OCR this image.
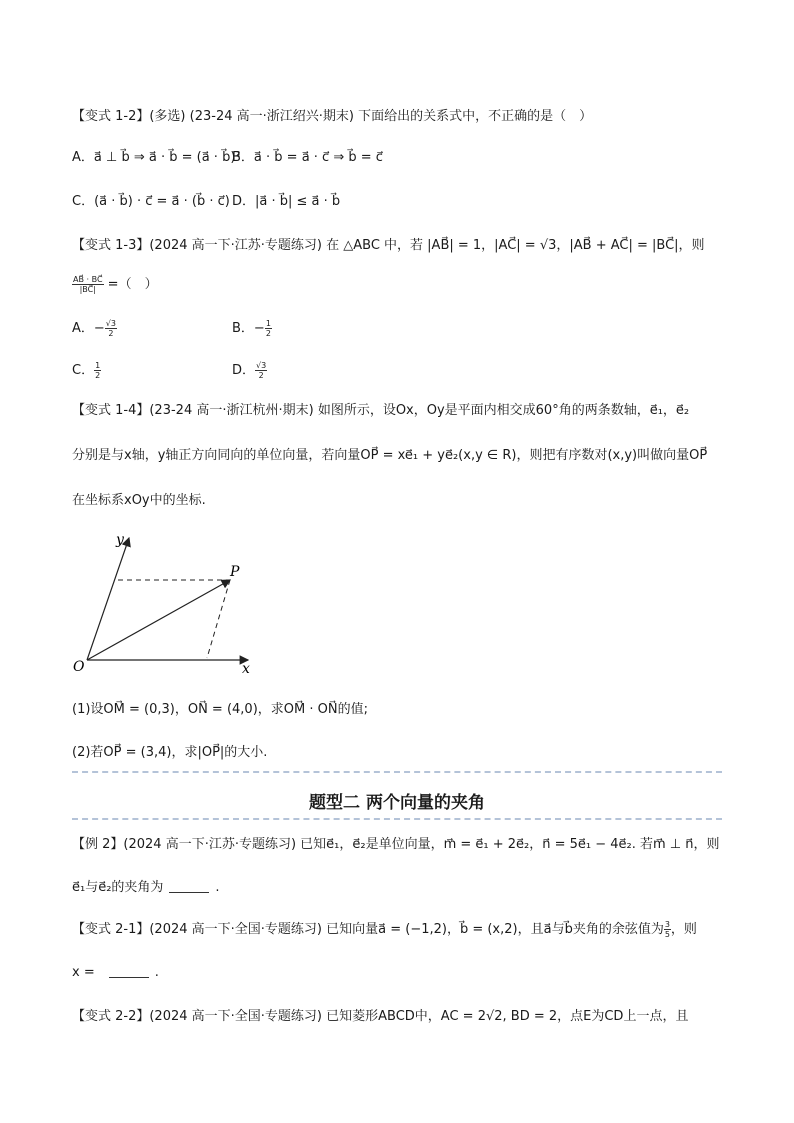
【变式 1-2】(多选) (23-24 高一·浙江绍兴·期末) 下面给出的关系式中，不正确的是（　）
A．a⃗ ⊥ b⃗ ⇒ a⃗ · b⃗ = (a⃗ · b⃗)²
B．a⃗ · b⃗ = a⃗ · c⃗ ⇒ b⃗ = c⃗
C．(a⃗ · b⃗) · c⃗ = a⃗ · (b⃗ · c⃗) D．|a⃗ · b⃗| ≤ a⃗ · b⃗
【变式 1-3】(2024 高一下·江苏·专题练习) 在 △ABC 中，若 |AB⃗| = 1，|AC⃗| = √3，|AB⃗ + AC⃗| = |BC⃗|，则
$\frac{AB⃗ \cdot BC⃗}{|BC⃗|}$ =（　）
A．− $\frac{√3}{2}$	B．− $\frac{1}{2}$
C． $\frac{1}{2}$	D． $\frac{√3}{2}$
【变式 1-4】(23-24 高一·浙江杭州·期末) 如图所示，设Ox，Oy是平面内相交成60°角的两条数轴，e⃗₁，e⃗₂
分别是与x轴，y轴正方向同向的单位向量，若向量OP⃗ = xe⃗₁ + ye⃗₂(x,y ∈ R)，则把有序数对(x,y)叫做向量OP⃗
在坐标系xOy中的坐标.
y
x
O
P
(1)设OM⃗ = (0,3)，ON⃗ = (4,0)，求OM⃗ · ON⃗的值;
(2)若OP⃗ = (3,4)，求|OP⃗|的大小.
题型二 两个向量的夹角
【例 2】(2024 高一下·江苏·专题练习) 已知e⃗₁，e⃗₂是单位向量，m⃗ = e⃗₁ + 2e⃗₂，n⃗ = 5e⃗₁ − 4e⃗₂. 若m⃗ ⊥ n⃗，则
e⃗₁与e⃗₂的夹角为	.
【变式 2-1】(2024 高一下·全国·专题练习) 已知向量a⃗ = (−1,2)，b⃗ = (x,2)，且a⃗与b⃗夹角的余弦值为 $\frac{3}{5}$ ，则
x =	.
【变式 2-2】(2024 高一下·全国·专题练习) 已知菱形ABCD中，AC = 2√2, BD = 2，点E为CD上一点，且
